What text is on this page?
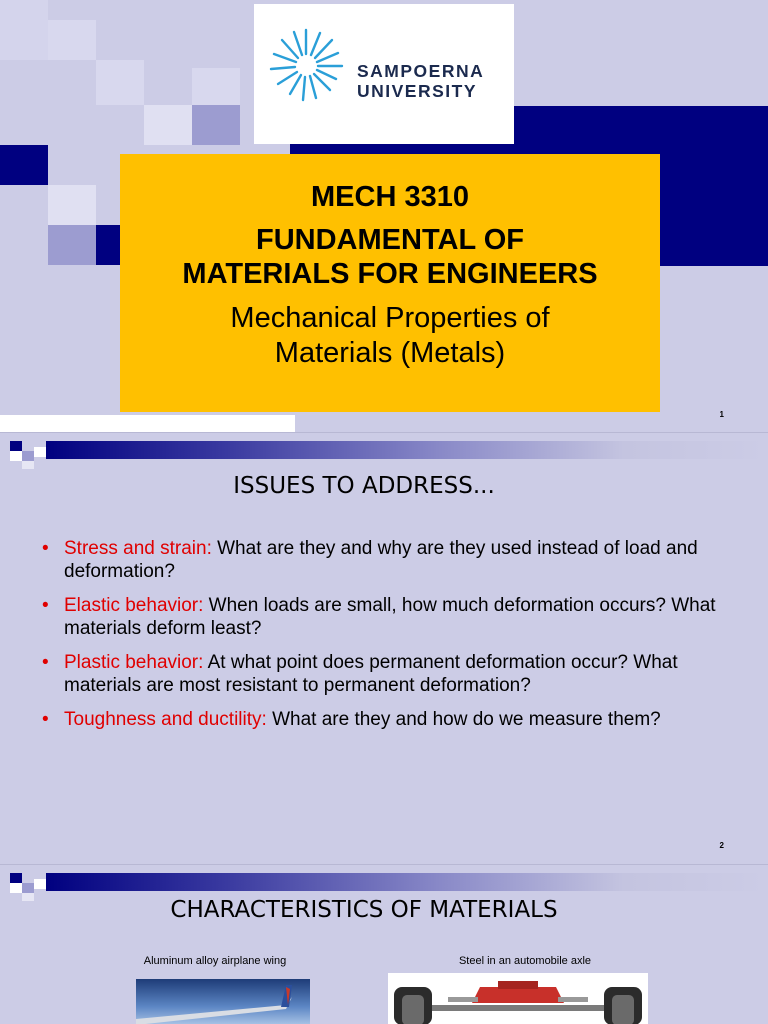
SAMPOERNA
UNIVERSITY
MECH 3310
FUNDAMENTAL OF
MATERIALS FOR ENGINEERS
Mechanical Properties of
Materials (Metals)
1
ISSUES TO ADDRESS...
• Stress and strain: What are they and why are they used instead of load and deformation?
• Elastic behavior: When loads are small, how much deformation occurs? What materials deform least?
• Plastic behavior: At what point does permanent deformation occur? What materials are most resistant to permanent deformation?
• Toughness and ductility: What are they and how do we measure them?
2
CHARACTERISTICS OF MATERIALS
Aluminum alloy airplane wing	Steel in an automobile axle
